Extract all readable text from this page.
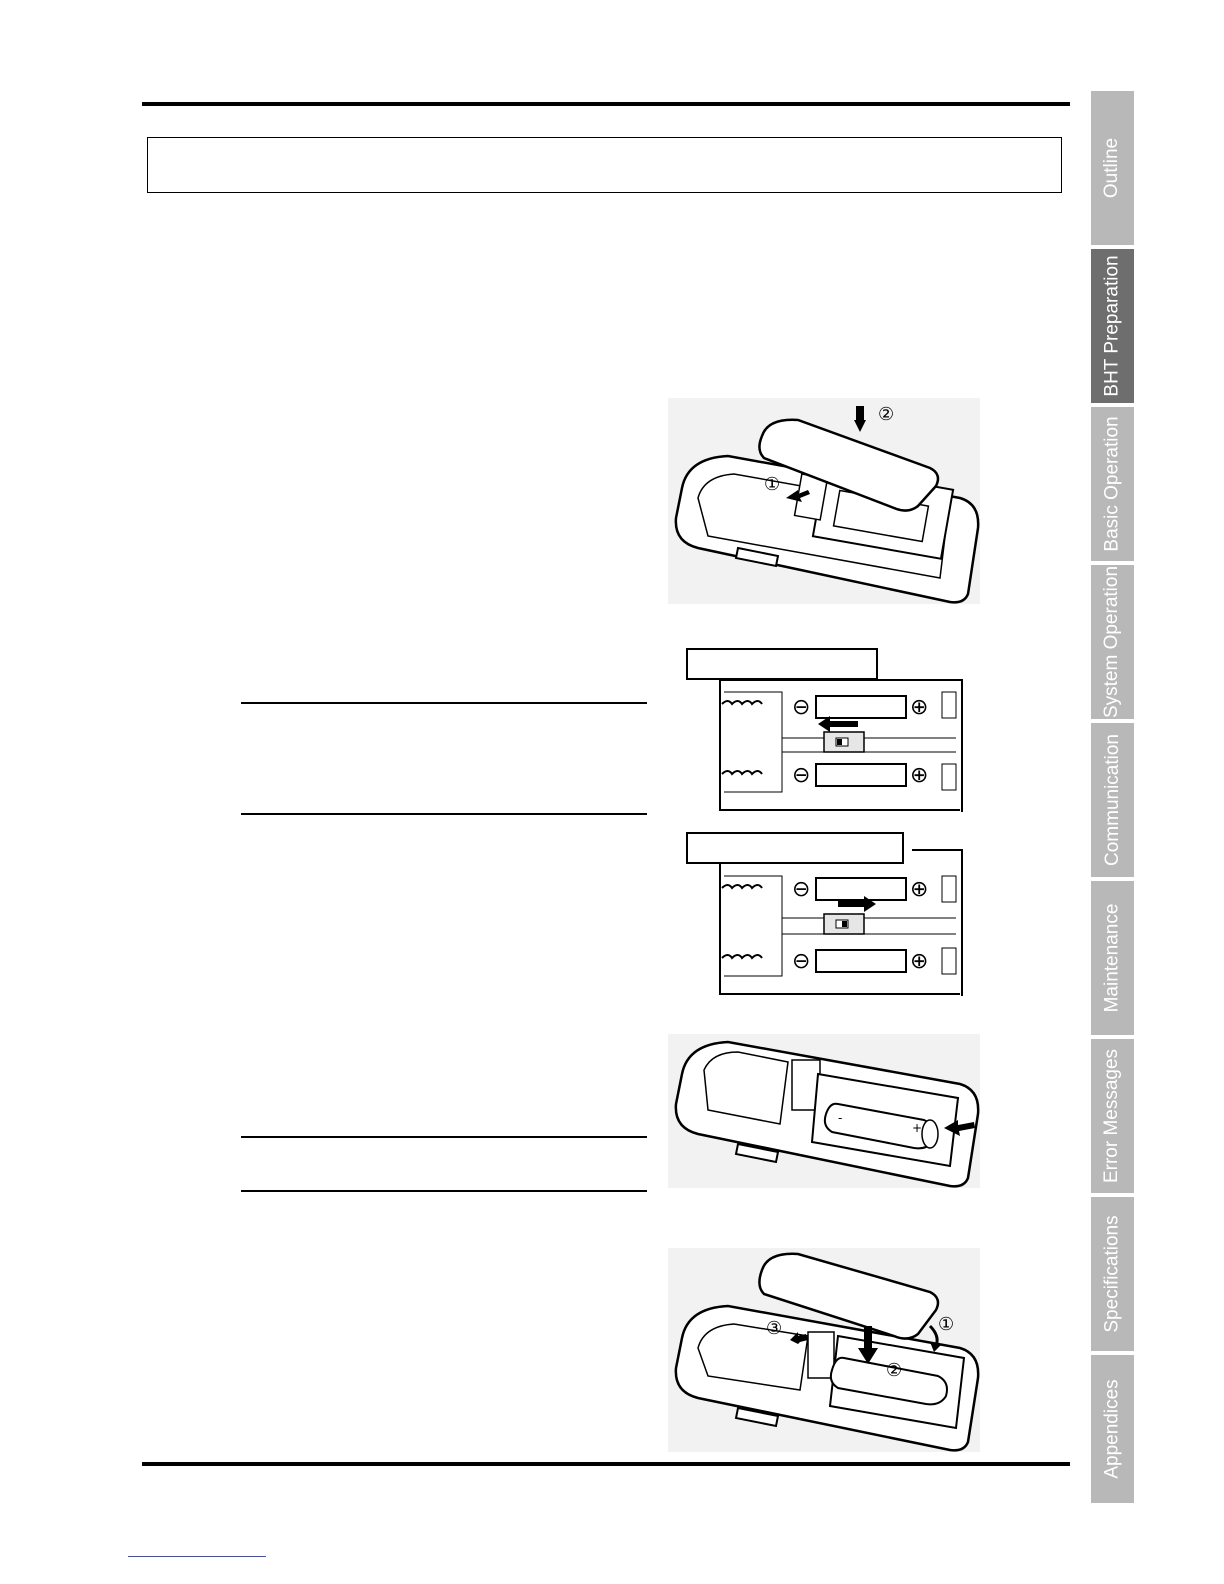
②
①
⊖	⊕
⊖	⊕
⊖	⊕
⊖	⊕
-
+
②
①
③
Outline
BHT Preparation
Basic Operation
System Operation
Communication
Maintenance
Error Messages
Specifications
Appendices
